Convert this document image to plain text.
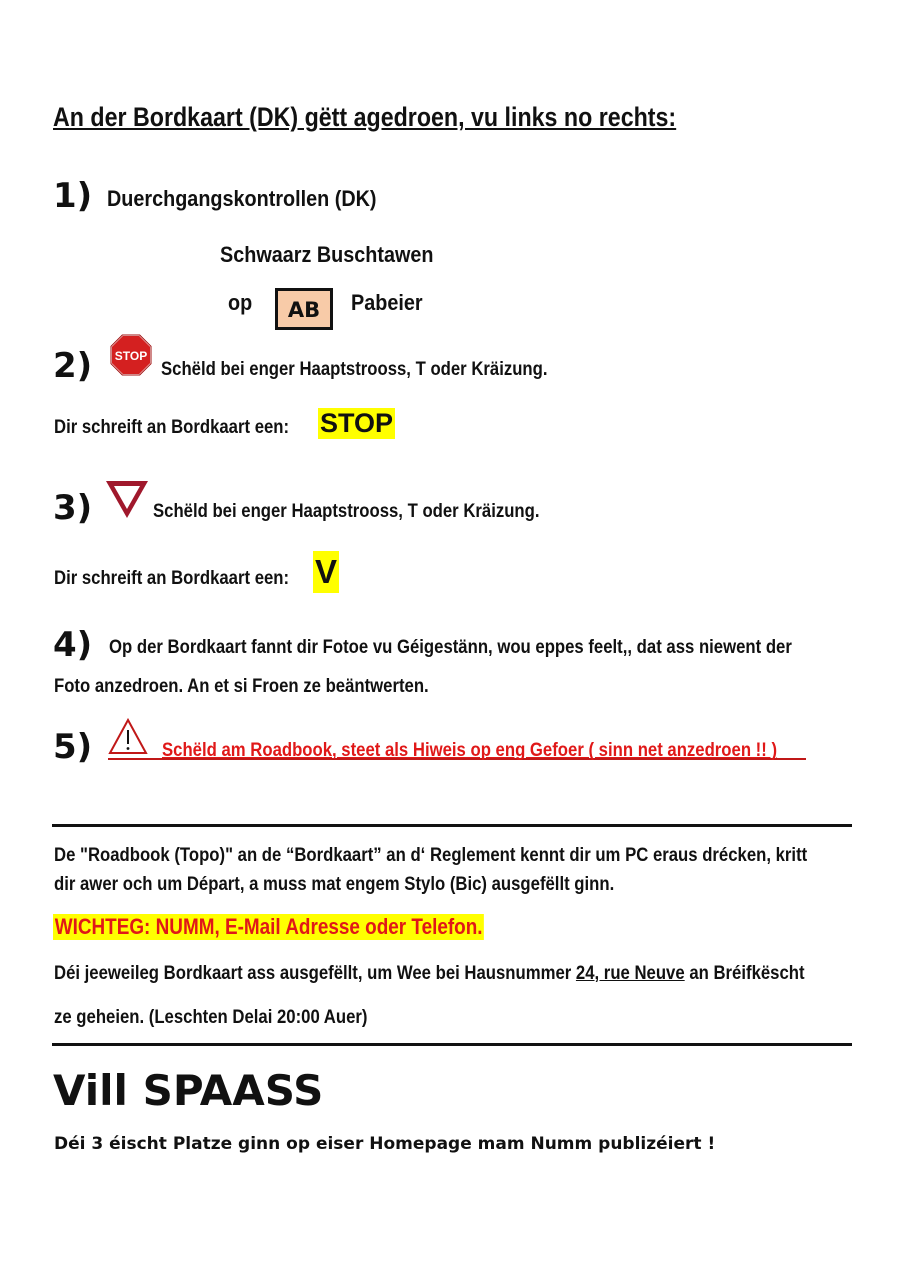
An der Bordkaart (DK) gëtt agedroen, vu links no rechts:
1) Duerchgangskontrollen (DK)
Schwaarz Buschtawen
op	AB	Pabeier
2) STOP
Schëld bei enger Haaptstrooss, T oder Kräizung.
Dir schreift an Bordkaart een: STOP
3)	Schëld bei enger Haaptstrooss, T oder Kräizung.
Dir schreift an Bordkaart een: V
4) Op der Bordkaart fannt dir Fotoe vu Géigestänn, wou eppes feelt,, dat ass niewent der
Foto anzedroen. An et si Froen ze beäntwerten.
5)	Schëld am Roadbook, steet als Hiweis op eng Gefoer ( sinn net anzedroen !! )
De "Roadbook (Topo)" an de “Bordkaart” an d‘ Reglement kennt dir um PC eraus drécken, kritt
dir awer och um Départ, a muss mat engem Stylo (Bic) ausgefëllt ginn.
WICHTEG: NUMM, E-Mail Adresse oder Telefon.
Déi jeeweileg Bordkaart ass ausgefëllt, um Wee bei Hausnummer 24, rue Neuve an Bréifkëscht
ze geheien. (Leschten Delai 20:00 Auer)
Vill SPAASS
Déi 3 éischt Platze ginn op eiser Homepage mam Numm publizéiert !
